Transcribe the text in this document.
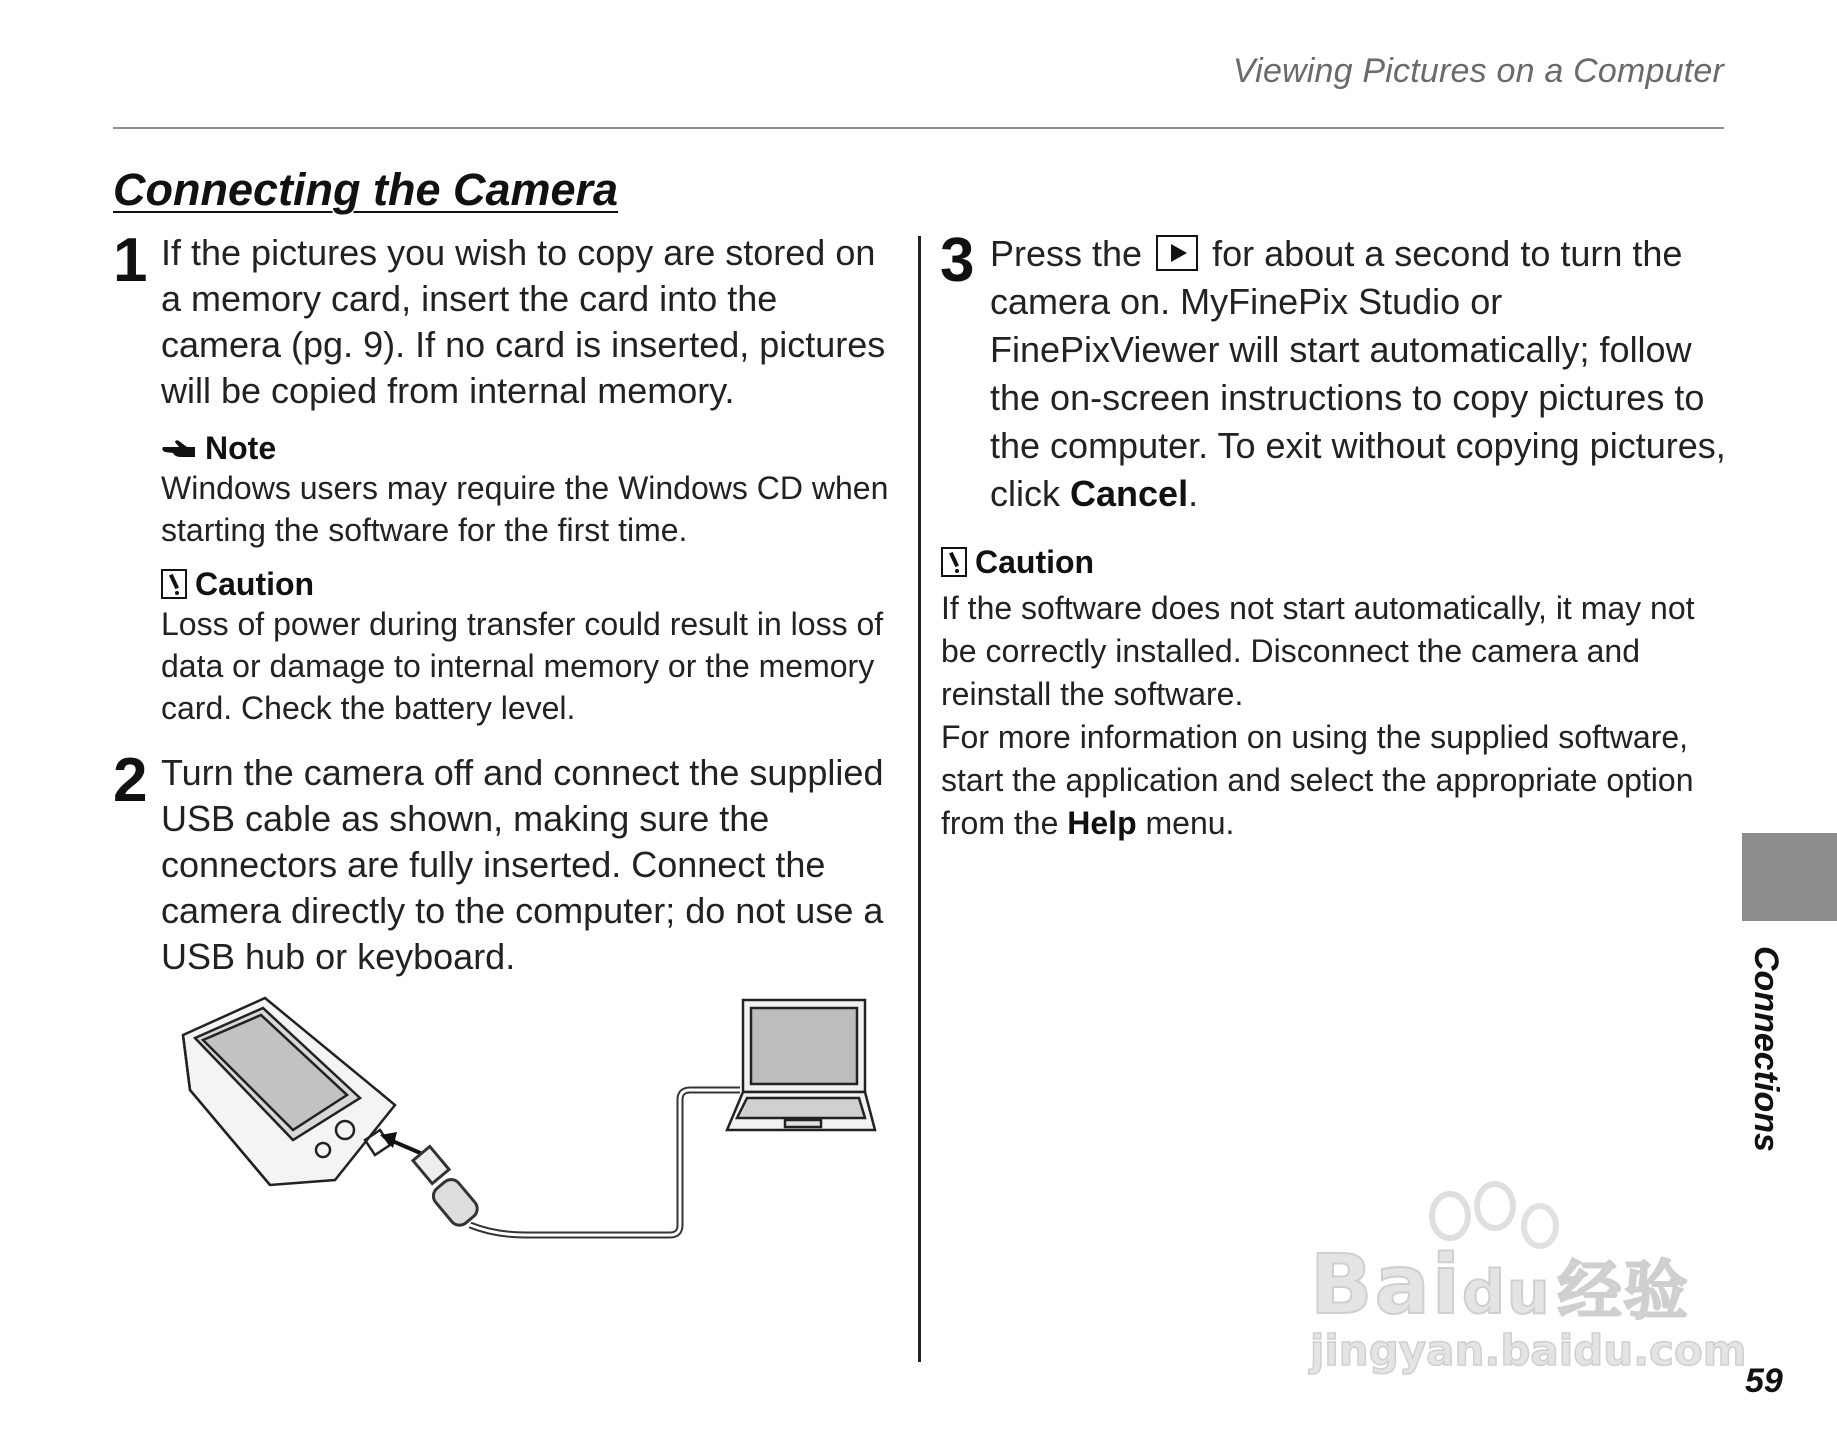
Viewing Pictures on a Computer
Connecting the Camera
1 If the pictures you wish to copy are stored on a memory card, insert the card into the camera (pg. 9). If no card is inserted, pictures will be copied from internal memory.
Note
Windows users may require the Windows CD when starting the software for the first time.
Caution
Loss of power during transfer could result in loss of data or damage to internal memory or the memory card. Check the battery level.
2 Turn the camera off and connect the supplied USB cable as shown, making sure the connectors are fully inserted. Connect the camera directly to the computer; do not use a USB hub or keyboard.
3 Press the for about a second to turn the camera on. MyFinePix Studio or FinePixViewer will start automatically; follow the on-screen instructions to copy pictures to the computer. To exit without copying pictures, click Cancel.
Caution
If the software does not start automatically, it may not be correctly installed. Disconnect the camera and reinstall the software.
For more information on using the supplied software, start the application and select the appropriate option from the Help menu.
Connections
Baidu经验
jingyan.baidu.com
59
